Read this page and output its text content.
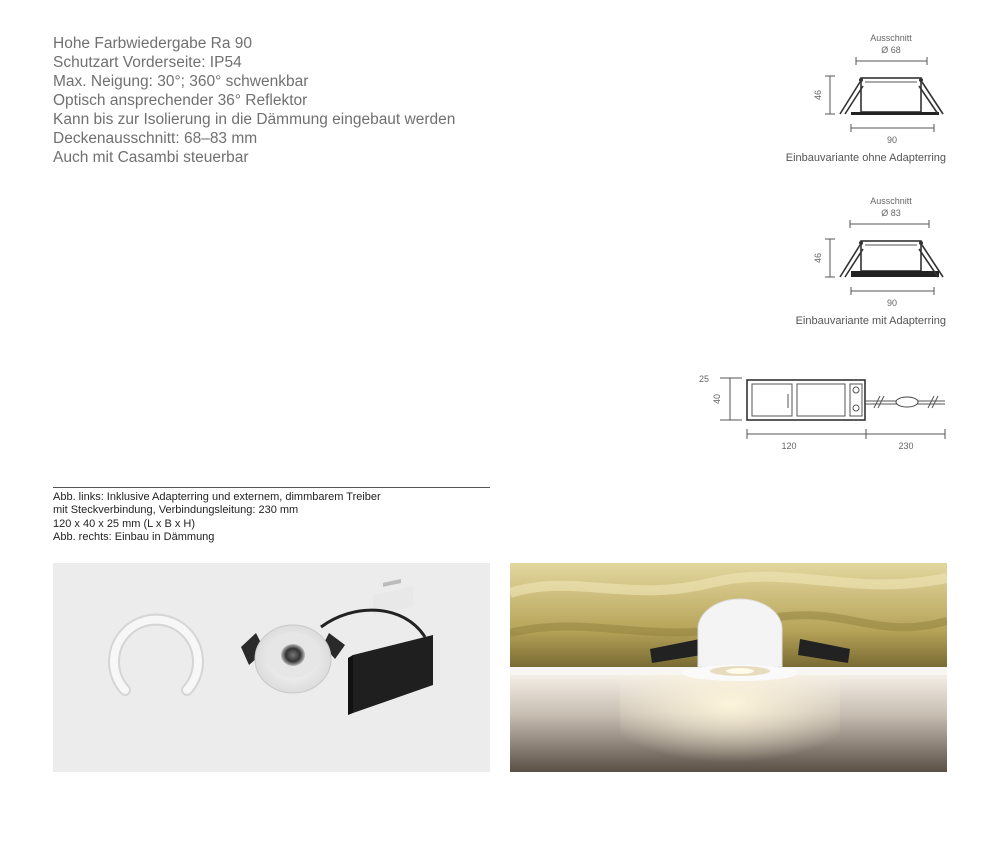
Hohe Farbwiedergabe Ra 90
Schutzart Vorderseite: IP54
Max. Neigung: 30°; 360° schwenkbar
Optisch ansprechender 36° Reflektor
Kann bis zur Isolierung in die Dämmung eingebaut werden
Deckenausschnitt: 68–83 mm
Auch mit Casambi steuerbar
Ausschnitt
Ø 68
46
90
Einbauvariante ohne Adapterring
Ausschnitt
Ø 83
46
90
Einbauvariante mit Adapterring
25
40
120	230
Abb. links: Inklusive Adapterring und externem, dimmbarem Treiber
mit Steckverbindung, Verbindungsleitung: 230 mm
120 x 40 x 25 mm (L x B x H)
Abb. rechts: Einbau in Dämmung
